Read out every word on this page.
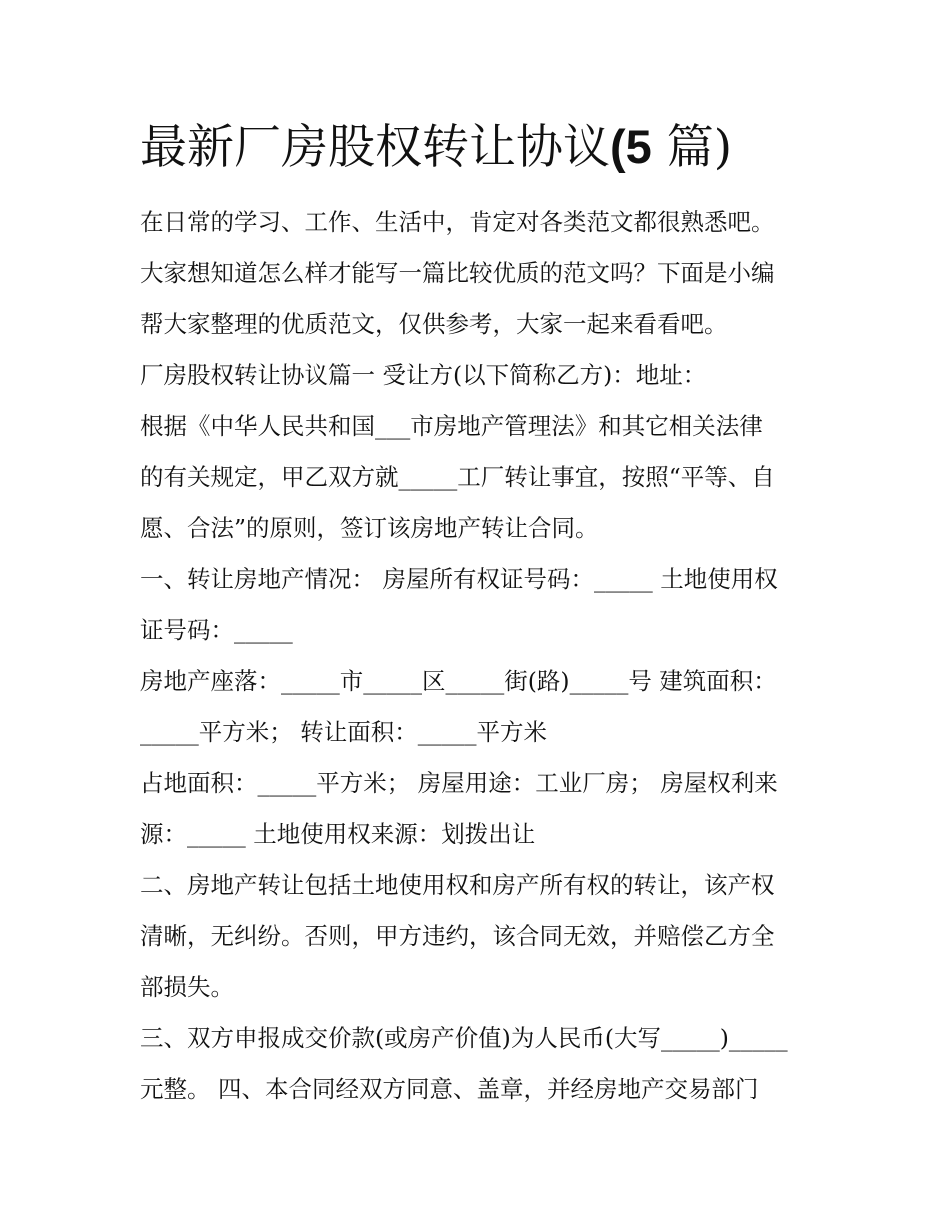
最新厂房股权转让协议(5 篇)
在日常的学习、工作、生活中，肯定对各类范文都很熟悉吧。
大家想知道怎么样才能写一篇比较优质的范文吗？下面是小编
帮大家整理的优质范文，仅供参考，大家一起来看看吧。
厂房股权转让协议篇一 受让方(以下简称乙方)：地址：
根据《中华人民共和国___市房地产管理法》和其它相关法律
的有关规定，甲乙双方就_____工厂转让事宜，按照“平等、自
愿、合法”的原则，签订该房地产转让合同。
一、转让房地产情况： 房屋所有权证号码：_____ 土地使用权
证号码：_____
房地产座落：_____市_____区_____街(路)_____号 建筑面积：
_____平方米； 转让面积：_____平方米
占地面积：_____平方米； 房屋用途：工业厂房； 房屋权利来
源：_____ 土地使用权来源：划拨出让
二、房地产转让包括土地使用权和房产所有权的转让，该产权
清晰，无纠纷。否则，甲方违约，该合同无效，并赔偿乙方全
部损失。
三、双方申报成交价款(或房产价值)为人民币(大写_____)_____
元整。 四、本合同经双方同意、盖章，并经房地产交易部门
